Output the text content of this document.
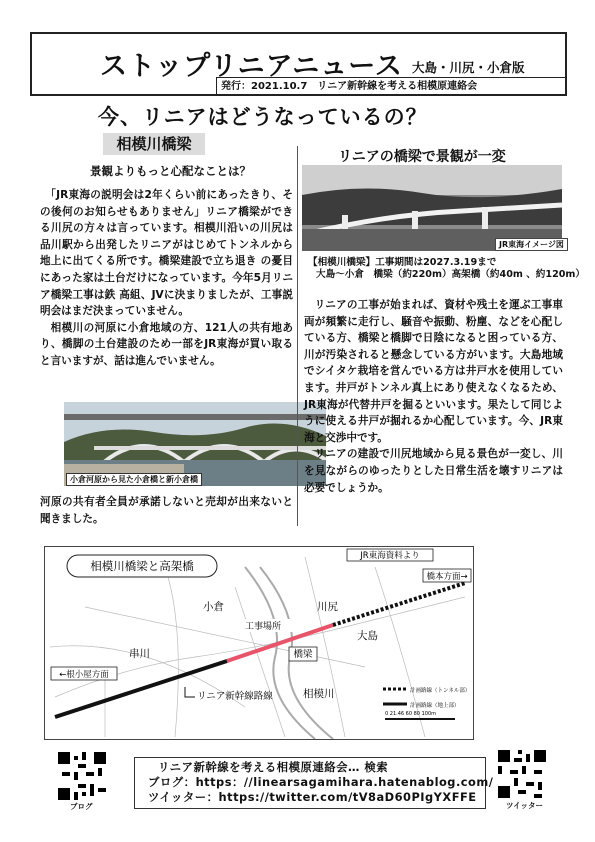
ストップリニアニュース 大島・川尻・小倉版
発行：2021.10.7　リニア新幹線を考える相模原連絡会
今、リニアはどうなっているの？
相模川橋梁
景観よりもっと心配なことは？

「JR東海の説明会は2年くらい前にあったきり、その後何のお知らせもありません」リニア橋梁ができる川尻の方々は言っています。相模川沿いの川尻は品川駅から出発したリニアがはじめてトンネルから地上に出てくる所です。橋梁建設で立ち退き の憂目にあった家は土台だけになっています。今年5月リニア橋梁工事は鉄 高組、JVに決まりましたが、工事説明会はまだ決まっていません。

相模川の河原に小倉地域の方、121人の共有地あり、橋脚の土台建設のため一部をJR東海が買い取ると言いますが、話は進んでいません。

小倉河原から見た小倉橋と新小倉橋
河原の共有者全員が承諾しないと売却が出来ないと聞きました。
リニアの橋梁で景観が一変
JR東海イメージ図
【相模川橋梁】工事期間は2027.3.19まで
大島～小倉　橋梁（約220m）高架橋（約40m 、約120m）

リニアの工事が始まれば、資材や残土を運ぶ工事車両が頻繁に走行し、騒音や振動、粉塵、などを心配している方、橋梁と橋脚で日陰になると困っている方、川が汚染されると懸念している方がいます。大島地域でシイタケ栽培を営んでいる方は井戸水を使用しています。井戸がトンネル真上にあり使えなくなるため、JR東海が代替井戸を掘るといいます。果たして同じように使える井戸が掘れるか心配しています。今、JR東海と交渉中です。

リニアの建設で川尻地域から見る景色が一変し、川を見ながらのゆったりとした日常生活を壊すリニアは必要でしょうか。

相模川橋梁と高架橋
JR東海資料より
橋本方面→
川尻
小倉
大島
工事場所
橋梁
串川
←根小屋方面
相模川
リニア新幹線路線	計画路線（トンネル部）
計画路線（地上部）
0 21.46 60 80 100m
リニア新幹線を考える相模原連絡会… 検索
ブログ：https：//linearsagamihara.hatenablog.com/
ツイッター：https://twitter.com/tV8aD60PIgYXFFE
ブログ	ツイッター
